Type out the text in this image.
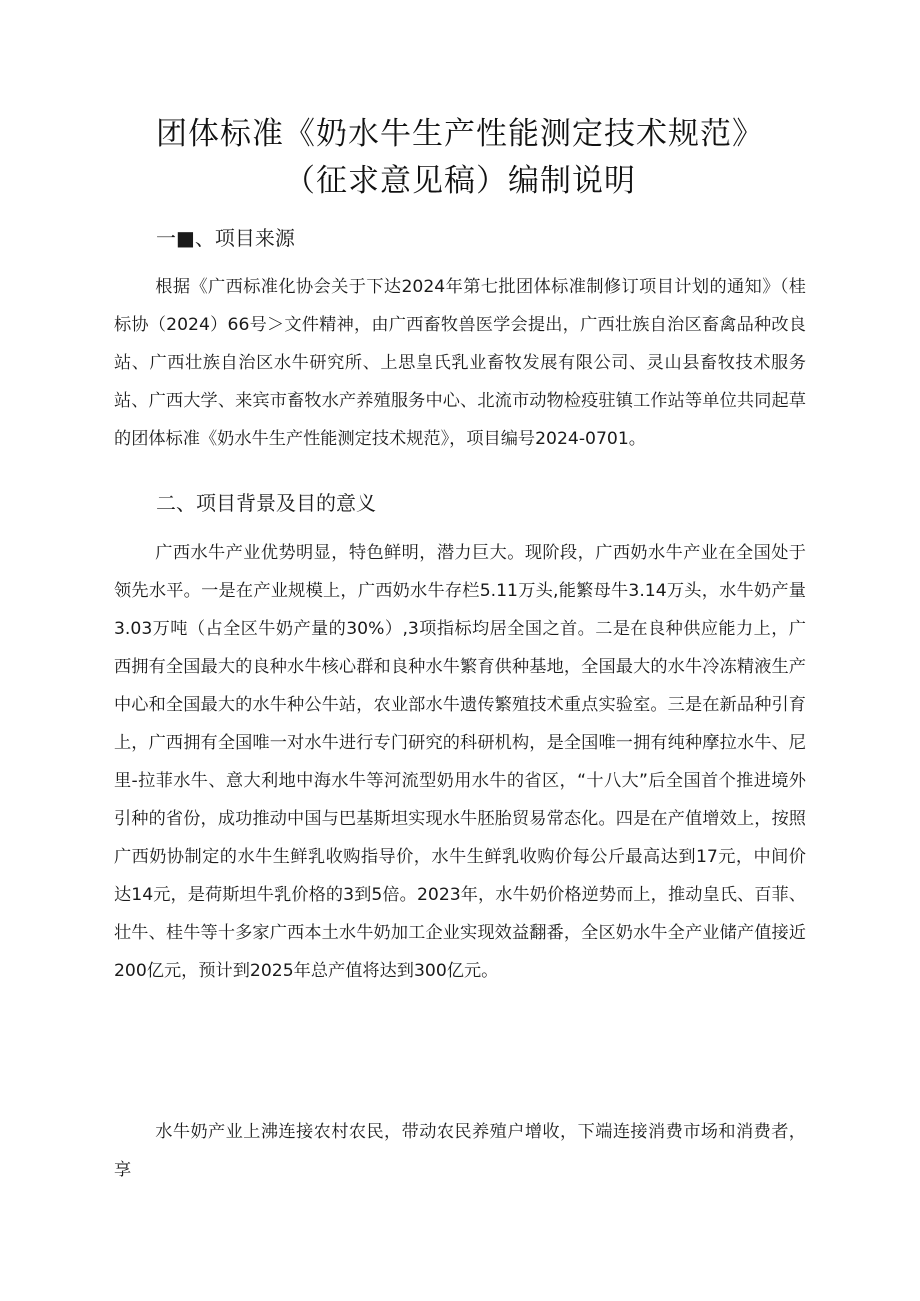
团体标准《奶水牛生产性能测定技术规范》
（征求意见稿）编制说明
一■、项目来源
根据《广西标准化协会关于下达2024年第七批团体标准制修订项目计划的通知》（桂标协（2024）66号＞文件精神，由广西畜牧兽医学会提出，广西壮族自治区畜禽品种改良站、广西壮族自治区水牛研究所、上思皇氏乳业畜牧发展有限公司、灵山县畜牧技术服务站、广西大学、来宾市畜牧水产养殖服务中心、北流市动物检疫驻镇工作站等单位共同起草的团体标准《奶水牛生产性能测定技术规范》，项目编号2024-0701。
二、项目背景及目的意义
广西水牛产业优势明显，特色鲜明，潜力巨大。现阶段，广西奶水牛产业在全国处于领先水平。一是在产业规模上，广西奶水牛存栏5.11万头,能繁母牛3.14万头，水牛奶产量3.03万吨（占全区牛奶产量的30%）,3项指标均居全国之首。二是在良种供应能力上，广西拥有全国最大的良种水牛核心群和良种水牛繁育供种基地，全国最大的水牛冷冻精液生产中心和全国最大的水牛种公牛站，农业部水牛遗传繁殖技术重点实验室。三是在新品种引育上，广西拥有全国唯一对水牛进行专门研究的科研机构，是全国唯一拥有纯种摩拉水牛、尼里-拉菲水牛、意大利地中海水牛等河流型奶用水牛的省区，“十八大”后全国首个推进境外引种的省份，成功推动中国与巴基斯坦实现水牛胚胎贸易常态化。四是在产值增效上，按照广西奶协制定的水牛生鲜乳收购指导价，水牛生鲜乳收购价每公斤最高达到17元，中间价达14元，是荷斯坦牛乳价格的3到5倍。2023年，水牛奶价格逆势而上，推动皇氏、百菲、壮牛、桂牛等十多家广西本土水牛奶加工企业实现效益翻番，全区奶水牛全产业储产值接近200亿元，预计到2025年总产值将达到300亿元。
水牛奶产业上沸连接农村农民，带动农民养殖户增收，下端连接消费市场和消费者，享
